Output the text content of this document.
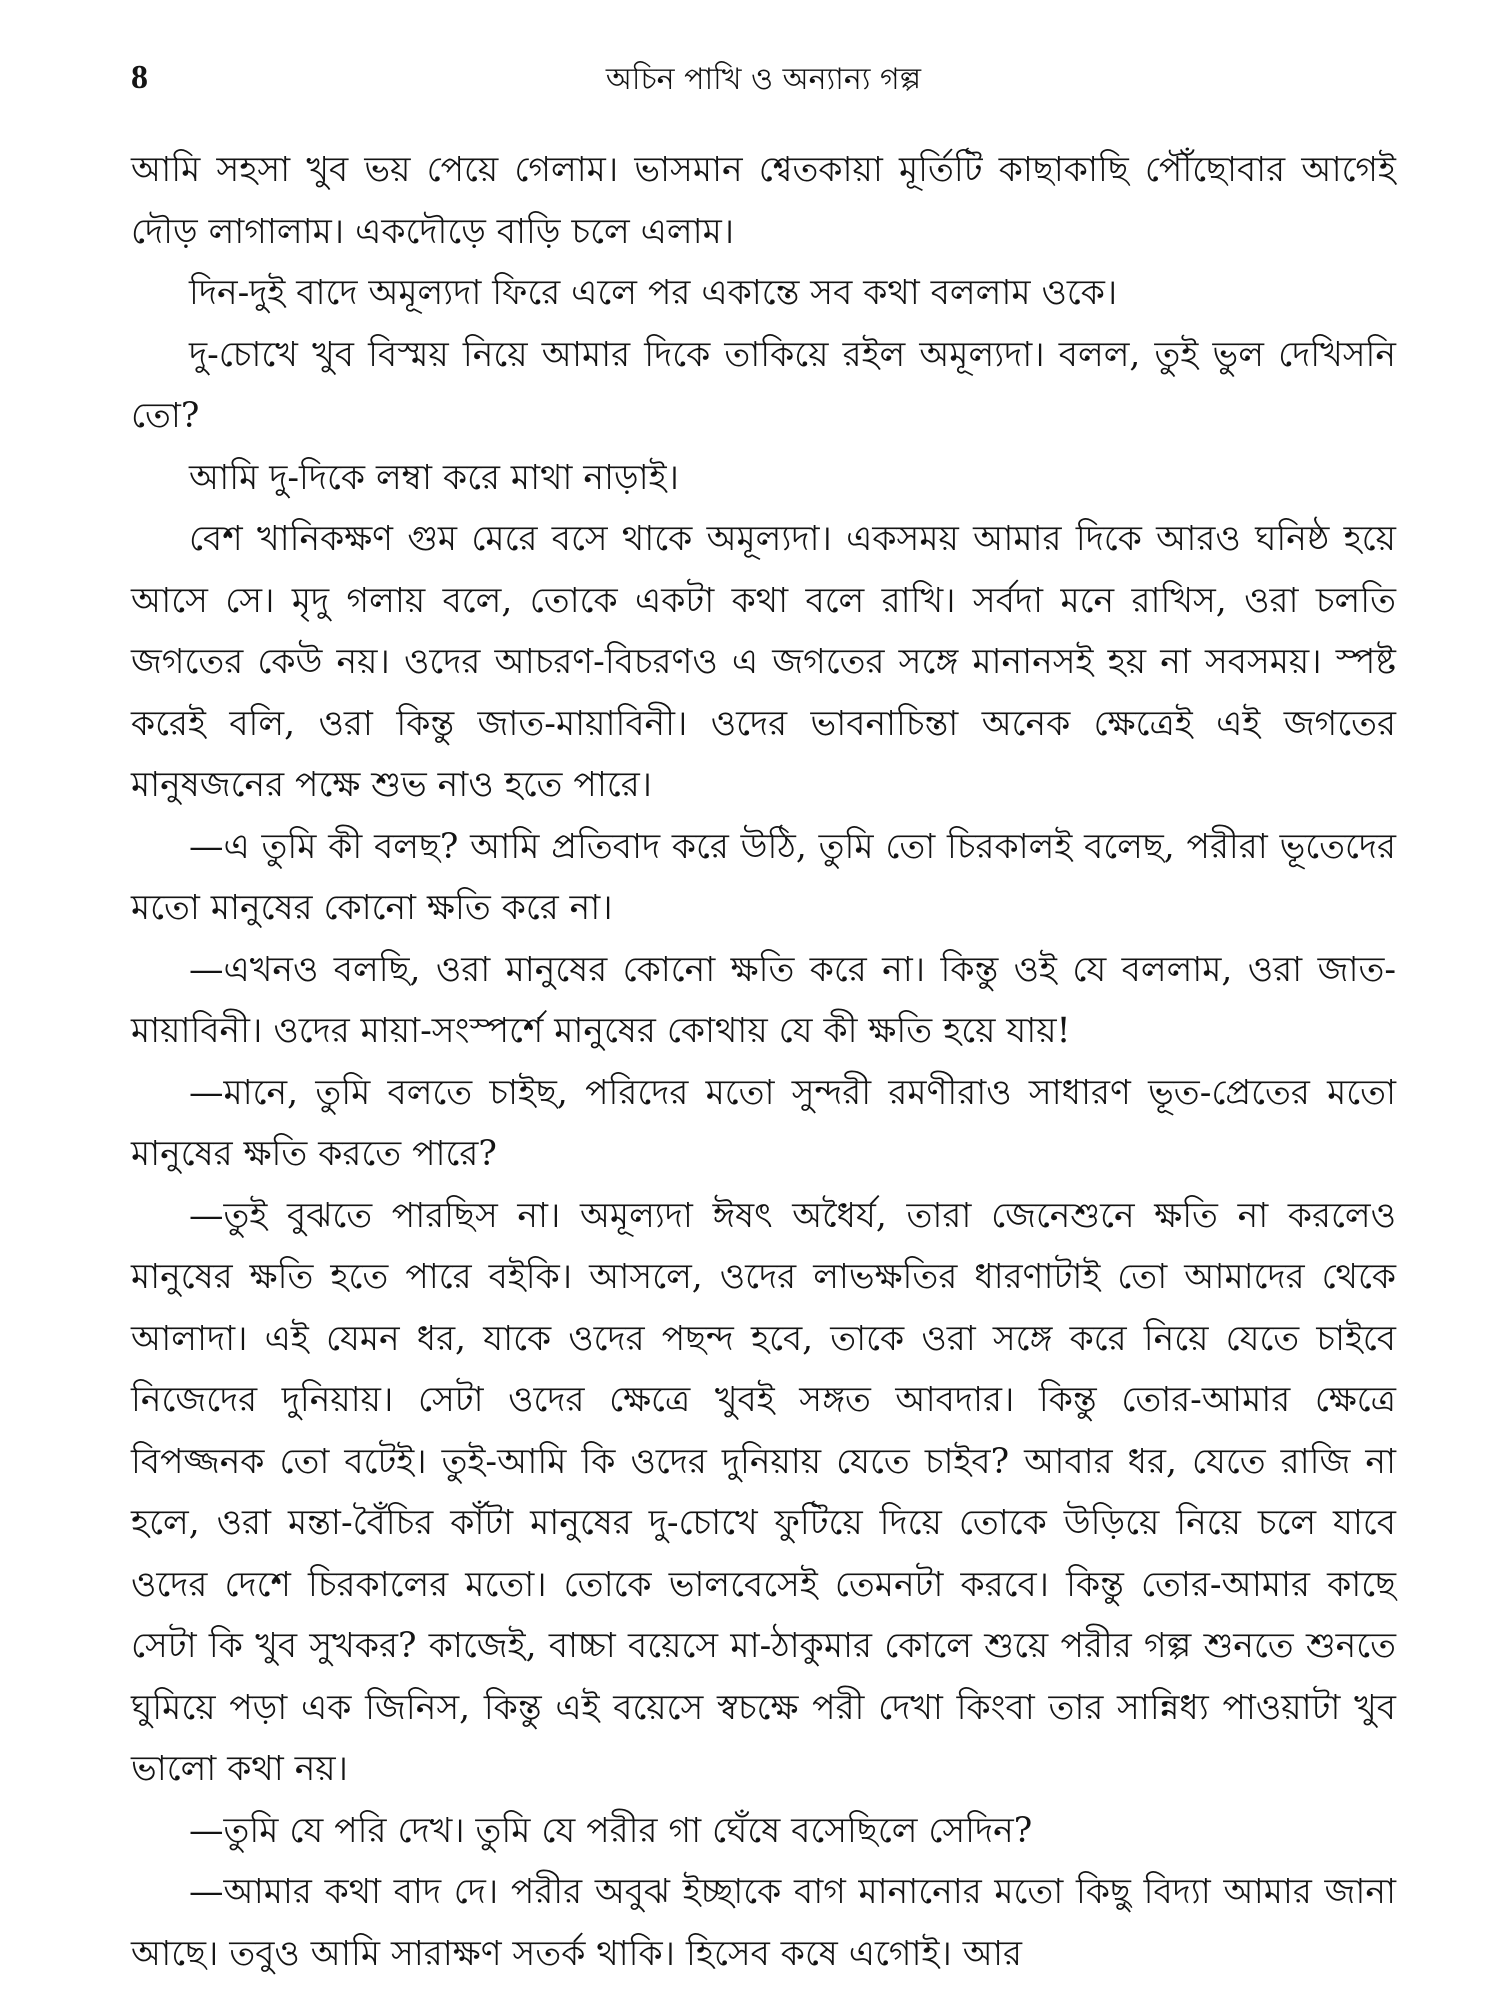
8	অচিন পাখি ও অন্যান্য গল্প

আমি সহসা খুব ভয় পেয়ে গেলাম। ভাসমান শ্বেতকায়া মূর্তিটি কাছাকাছি পৌঁছোবার আগেই দৌড় লাগালাম। একদৌড়ে বাড়ি চলে এলাম।

দিন-দুই বাদে অমূল্যদা ফিরে এলে পর একান্তে সব কথা বললাম ওকে।

দু-চোখে খুব বিস্ময় নিয়ে আমার দিকে তাকিয়ে রইল অমূল্যদা। বলল, তুই ভুল দেখিসনি তো?

আমি দু-দিকে লম্বা করে মাথা নাড়াই।

বেশ খানিকক্ষণ গুম মেরে বসে থাকে অমূল্যদা। একসময় আমার দিকে আরও ঘনিষ্ঠ হয়ে আসে সে। মৃদু গলায় বলে, তোকে একটা কথা বলে রাখি। সর্বদা মনে রাখিস, ওরা চলতি জগতের কেউ নয়। ওদের আচরণ-বিচরণও এ জগতের সঙ্গে মানানসই হয় না সবসময়। স্পষ্ট করেই বলি, ওরা কিন্তু জাত-মায়াবিনী। ওদের ভাবনাচিন্তা অনেক ক্ষেত্রেই এই জগতের মানুষজনের পক্ষে শুভ নাও হতে পারে।

—এ তুমি কী বলছ? আমি প্রতিবাদ করে উঠি, তুমি তো চিরকালই বলেছ, পরীরা ভূতেদের মতো মানুষের কোনো ক্ষতি করে না।

—এখনও বলছি, ওরা মানুষের কোনো ক্ষতি করে না। কিন্তু ওই যে বললাম, ওরা জাত-মায়াবিনী। ওদের মায়া-সংস্পর্শে মানুষের কোথায় যে কী ক্ষতি হয়ে যায়!

—মানে, তুমি বলতে চাইছ, পরিদের মতো সুন্দরী রমণীরাও সাধারণ ভূত-প্রেতের মতো মানুষের ক্ষতি করতে পারে?

—তুই বুঝতে পারছিস না। অমূল্যদা ঈষৎ অধৈর্য, তারা জেনেশুনে ক্ষতি না করলেও মানুষের ক্ষতি হতে পারে বইকি। আসলে, ওদের লাভক্ষতির ধারণাটাই তো আমাদের থেকে আলাদা। এই যেমন ধর, যাকে ওদের পছন্দ হবে, তাকে ওরা সঙ্গে করে নিয়ে যেতে চাইবে নিজেদের দুনিয়ায়। সেটা ওদের ক্ষেত্রে খুবই সঙ্গত আবদার। কিন্তু তোর-আমার ক্ষেত্রে বিপজ্জনক তো বটেই। তুই-আমি কি ওদের দুনিয়ায় যেতে চাইব? আবার ধর, যেতে রাজি না হলে, ওরা মন্তা-বৈঁচির কাঁটা মানুষের দু-চোখে ফুটিয়ে দিয়ে তোকে উড়িয়ে নিয়ে চলে যাবে ওদের দেশে চিরকালের মতো। তোকে ভালবেসেই তেমনটা করবে। কিন্তু তোর-আমার কাছে সেটা কি খুব সুখকর? কাজেই, বাচ্চা বয়েসে মা-ঠাকুমার কোলে শুয়ে পরীর গল্প শুনতে শুনতে ঘুমিয়ে পড়া এক জিনিস, কিন্তু এই বয়েসে স্বচক্ষে পরী দেখা কিংবা তার সান্নিধ্য পাওয়াটা খুব ভালো কথা নয়।

—তুমি যে পরি দেখ। তুমি যে পরীর গা ঘেঁষে বসেছিলে সেদিন?

—আমার কথা বাদ দে। পরীর অবুঝ ইচ্ছাকে বাগ মানানোর মতো কিছু বিদ্যা আমার জানা আছে। তবুও আমি সারাক্ষণ সতর্ক থাকি। হিসেব কষে এগোই। আর
